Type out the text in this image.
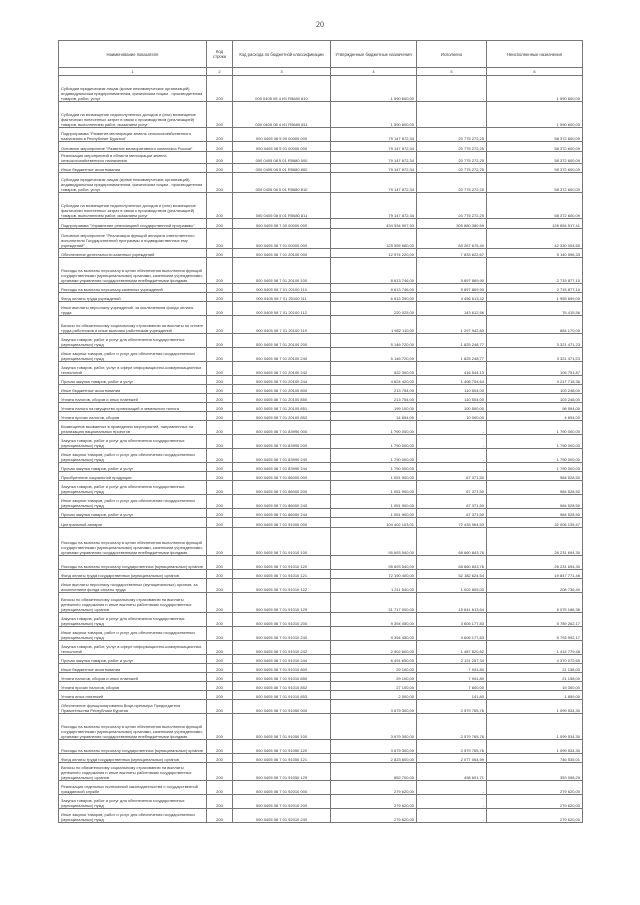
20
Наименование показателя	Код строки	Код расхода по бюджетной классификации	Утвержденные бюджетные назначения	Исполнено	Неисполненные назначения
1	2	3	4	5	6
Субсидии юридическим лицам (кроме некоммерческих организаций), индивидуальным предпринимателям, физическим лицам - производителям товаров, работ, услуг	200	000 0405 08 4 И1 R5680 810	1 590 600,00	-	1 590 600,00
Субсидии на возмещение недополученных доходов и (или) возмещение фактически понесенных затрат в связи с производством (реализацией) товаров, выполнением работ, оказанием услуг	200	000 0405 08 4 И1 R5680 811	1 590 600,00	-	1 590 600,00
Подпрограмма "Развитие мелиорации земель сельскохозяйственного назначения в Республике Бурятия"	200	000 0405 08 5 00 00000 000	79 147 872,34	20 775 272,25	58 372 600,09
Основное мероприятие "Развитие мелиоративного комплекса России"	200	000 0405 08 5 01 00000 000	79 147 872,34	20 775 272,25	58 372 600,09
Реализация мероприятий в области мелиорации земель сельскохозяйственного назначения	200	000 0405 08 5 01 R5680 000	79 147 872,34	20 775 272,25	58 372 600,09
Иные бюджетные ассигнования	200	000 0405 08 5 01 R5680 800	79 147 872,34	20 775 272,25	58 372 600,09
Субсидии юридическим лицам (кроме некоммерческих организаций), индивидуальным предпринимателям, физическим лицам - производителям товаров, работ, услуг	200	000 0405 08 5 01 R5680 810	79 147 872,34	20 775 272,25	58 372 600,09
Субсидии на возмещение недополученных доходов и (или) возмещение фактически понесенных затрат в связи с производством (реализацией) товаров, выполнением работ, оказанием услуг	200	000 0405 08 5 01 R5680 811	79 147 872,34	20 775 272,25	58 372 600,09
Подпрограмма "Управление реализацией государственной программы"	200	000 0405 08 7 00 00000 000	434 534 907,93	305 880 380,59	128 654 517,41
Основное мероприятие "Реализация функций аппарата ответственного исполнителя Государственной программы и подведомственных ему учреждений"	200	000 0405 08 7 01 00000 000	125 595 680,00	83 267 675,40	42 330 004,60
Обеспечение деятельности казенных учреждений	200	000 0405 08 7 01 20100 000	12 974 220,00	7 833 622,67	5 140 596,33
Расходы на выплаты персоналу в целях обеспечения выполнения функций государственными (муниципальными) органами, казенными учреждениями, органами управления государственными внебюджетными фондами	200	000 0405 08 7 01 20100 100	8 613 746,00	5 897 869,90	2 715 877,10
Расходы на выплаты персоналу казенных учреждений	200	000 0405 08 7 01 20100 110	8 613 746,00	5 897 869,90	2 715 877,10
Фонд оплаты труда учреждений	200	000 0405 08 7 01 20100 111	6 613 390,00	4 456 613,42	1 955 699,00
Иные выплаты персоналу учреждений, за исключением фонда оплаты труда	200	000 0405 08 7 01 20100 112	220 025,00	143 612,56	76 415,56
Взносы по обязательному социальному страхованию на выплаты по оплате труда работников и иные выплаты работникам учреждений	200	000 0405 08 7 01 20100 119	1 982 110,00	1 297 942,80	684 170,00
Закупка товаров, работ и услуг для обеспечения государственных (муниципальных) нужд	200	000 0405 08 7 01 20100 200	5 146 720,00	1 825 248,77	3 321 471,23
Иные закупки товаров, работ и услуг для обеспечения государственных (муниципальных) нужд	200	000 0405 08 7 01 20100 240	5 146 720,00	1 825 248,77	3 321 471,23
Закупка товаров, работ, услуг в сфере информационно-коммуникационных технологий	200	000 0405 08 7 01 20100 242	522 300,00	416 544,13	105 751,87
Прочая закупка товаров, работ и услуг	200	000 0405 08 7 01 20100 244	4 624 420,00	1 408 704,64	3 217 715,36
Иные бюджетные ассигнования	200	000 0405 08 7 01 20100 800	213 754,00	110 504,00	103 248,00
Уплата налогов, сборов и иных платежей	200	000 0405 08 7 01 20100 850	213 754,00	110 504,00	103 248,00
Уплата налога на имущество организаций и земельного налога	200	000 0405 08 7 01 20100 851	199 100,00	100 500,00	98 594,00
Уплата прочих налогов, сборов	200	000 0405 08 7 01 20100 852	14 654,00	10 000,00	4 654,00
Возмещение вызванных в проведении мероприятий, направленных на реализацию национальных проектов	200	000 0405 08 7 01 83990 000	1 790 000,00	-	1 790 000,00
Закупка товаров, работ и услуг для обеспечения государственных (муниципальных) нужд	200	000 0405 08 7 01 83990 200	1 790 000,00	-	1 790 000,00
Иные закупки товаров, работ и услуг для обеспечения государственных (муниципальных) нужд	200	000 0405 08 7 01 83990 240	1 790 000,00	-	1 790 000,00
Прочая закупка товаров, работ и услуг	200	000 0405 08 7 01 83990 244	1 790 000,00	-	1 790 000,00
Приобретение социальной продукции	200	000 0405 08 7 01 86000 000	1 051 900,00	67 371,50	984 528,50
Закупка товаров, работ и услуг для обеспечения государственных (муниципальных) нужд	200	000 0405 08 7 01 86000 200	1 051 900,00	67 371,50	984 528,50
Иные закупки товаров, работ и услуг для обеспечения государственных (муниципальных) нужд	200	000 0405 08 7 01 86000 240	1 051 900,00	67 371,50	984 528,50
Прочая закупка товаров, работ и услуг	200	000 0405 08 7 01 86000 244	1 051 900,00	67 371,50	984 528,50
Центральный аппарат	200	000 0405 08 7 01 91000 000	104 402 103,01	72 433 964,53	32 006 135,47
Расходы на выплаты персоналу в целях обеспечения выполнения функций государственными (муниципальными) органами, казенными учреждениями, органами управления государственными внебюджетными фондами	200	000 0405 08 7 01 91010 100	95 693 540,00	68 660 843,76	26 231 694,30
Расходы на выплаты персоналу государственных (муниципальных) органов	200	000 0405 08 7 01 91010 120	95 693 540,00	68 660 843,76	26 231 694,30
Фонд оплаты труда государственных (муниципальных) органов	200	000 0405 08 7 01 91010 121	72 190 400,00	52 182 624,54	19 847 771,46
Иные выплаты персоналу государственных (муниципальных) органов, за исключением фонда оплаты труда	200	000 0405 08 7 01 91010 122	1 211 540,00	1 002 805,00	208 736,40
Взносы по обязательному социальному страхованию на выплаты денежного содержания и иные выплаты работникам государственных (муниципальных) органов	200	000 0405 08 7 01 91010 129	21 717 000,00	15 641 613,64	6 075 186,36
Закупка товаров, работ и услуг для обеспечения государственных (муниципальных) нужд	200	000 0405 08 7 01 91010 200	9 394 450,00	3 605 177,83	5 789 262,17
Иные закупки товаров, работ и услуг для обеспечения государственных (муниципальных) нужд	200	000 0405 08 7 01 91010 240	9 394 450,00	3 606 177,83	5 793 992,17
Закупка товаров, работ, услуг в сфере информационно-коммуникационных технологий	200	000 0405 08 7 01 91010 242	2 902 600,00	1 487 820,82	1 414 779,48
Прочая закупка товаров, работ и услуг	200	000 0405 08 7 01 91010 244	6 491 650,00	2 121 257,34	4 370 072,69
Иные бюджетные ассигнования	200	000 0405 08 7 01 91010 800	29 100,00	7 941,80	21 158,00
Уплата налогов, сборов и иных платежей	200	000 0405 08 7 01 91010 850	29 100,00	7 941,80	21 158,00
Уплата прочих налогов, сборов	200	000 0405 08 7 01 91010 852	27 100,00	7 800,00	19 300,00
Уплата иных платежей	200	000 0405 08 7 01 91010 853	2 000,00	141,80	1 859,00
Обеспечение функционирования Вице-премьера Председателя Правительства Республики Бурятия	200	000 0405 08 7 01 91050 000	3 679 300,00	2 579 765,76	1 099 534,30
Расходы на выплаты персоналу в целях обеспечения выполнения функций государственными (муниципальными) органами, казенными учреждениями, органами управления государственными внебюджетными фондами	200	000 0405 08 7 01 91050 100	3 679 300,00	2 579 765,76	1 099 534,30
Расходы на выплаты персоналу государственных (муниципальных) органов	200	000 0405 08 7 01 91050 120	3 679 300,00	2 579 765,76	1 099 534,30
Фонд оплаты труда государственных (муниципальных) органов	200	000 0405 08 7 01 91050 121	2 823 600,00	2 077 064,99	746 535,01
Взносы по обязательному социальному страхованию на выплаты денежного содержания и иные выплаты работникам государственных (муниципальных) органов	200	000 0405 08 7 01 91050 129	852 700,00	498 601,71	353 098,29
Реализация отдельных полномочий законодательства о государственной гражданской службе	200	000 0405 08 7 01 92010 000	279 620,00	-	279 620,00
Закупка товаров, работ и услуг для обеспечения государственных (муниципальных) нужд	200	000 0405 08 7 01 92010 200	279 620,00	-	279 620,00
Иные закупки товаров, работ и услуг для обеспечения государственных (муниципальных) нужд	200	000 0405 08 7 01 92010 240	279 620,00	-	279 620,00
